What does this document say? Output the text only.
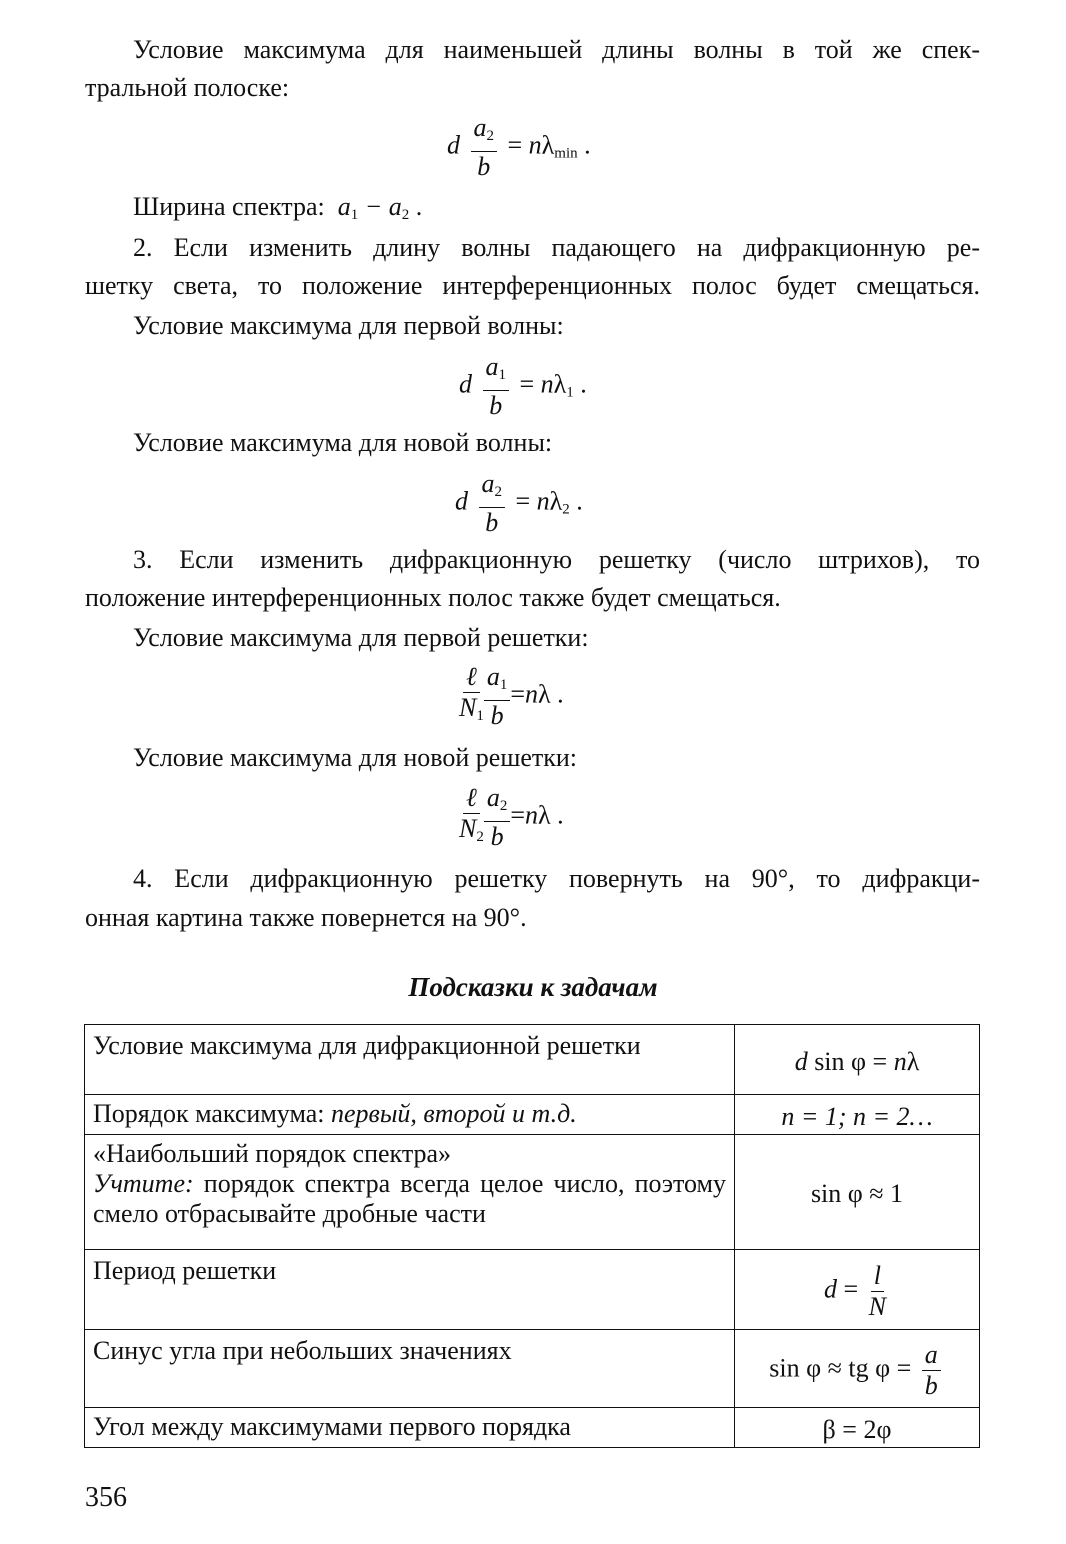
Условие максимума для наименьшей длины волны в той же спек-
тральной полоске:
d $\frac{a_2}{b} = n\lambda_{min}$ .
Ширина спектра:  $a_1 - a_2$ .
2. Если изменить длину волны падающего на дифракционную ре-
шетку света, то положение интерференционных полос будет смещаться.
Условие максимума для первой волны:
d $\frac{a_1}{b} = n\lambda_1$ .
Условие максимума для новой волны:
d $\frac{a_2}{b} = n\lambda_2$ .
3. Если изменить дифракционную решетку (число штрихов), то
положение интерференционных полос также будет смещаться.
Условие максимума для первой решетки:
$\frac{\text{ℓ}}{N_1} \frac{a_1}{b} =n\lambda$ .
Условие максимума для новой решетки:
$\frac{\text{ℓ}}{N_2} \frac{a_2}{b} =n\lambda$ .
4. Если дифракционную решетку повернуть на 90°, то дифракци-
онная картина также повернется на 90°.
Подсказки к задачам
Условие максимума для дифракционной решетки	d sin φ = nλ
Порядок максимума: первый, второй и т.д.	n = 1; n = 2…

«Наибольший порядок спектра»
Учтите: порядок спектра всегда целое число, поэтому смело отбрасывайте дробные части	sin φ ≈ 1
Период решетки	$d = \frac{l}{N}$

Синус угла при небольших значениях	sin φ ≈ tg $\varphi = \frac{a}{b}$

Угол между максимумами первого порядка	β = 2φ
356
